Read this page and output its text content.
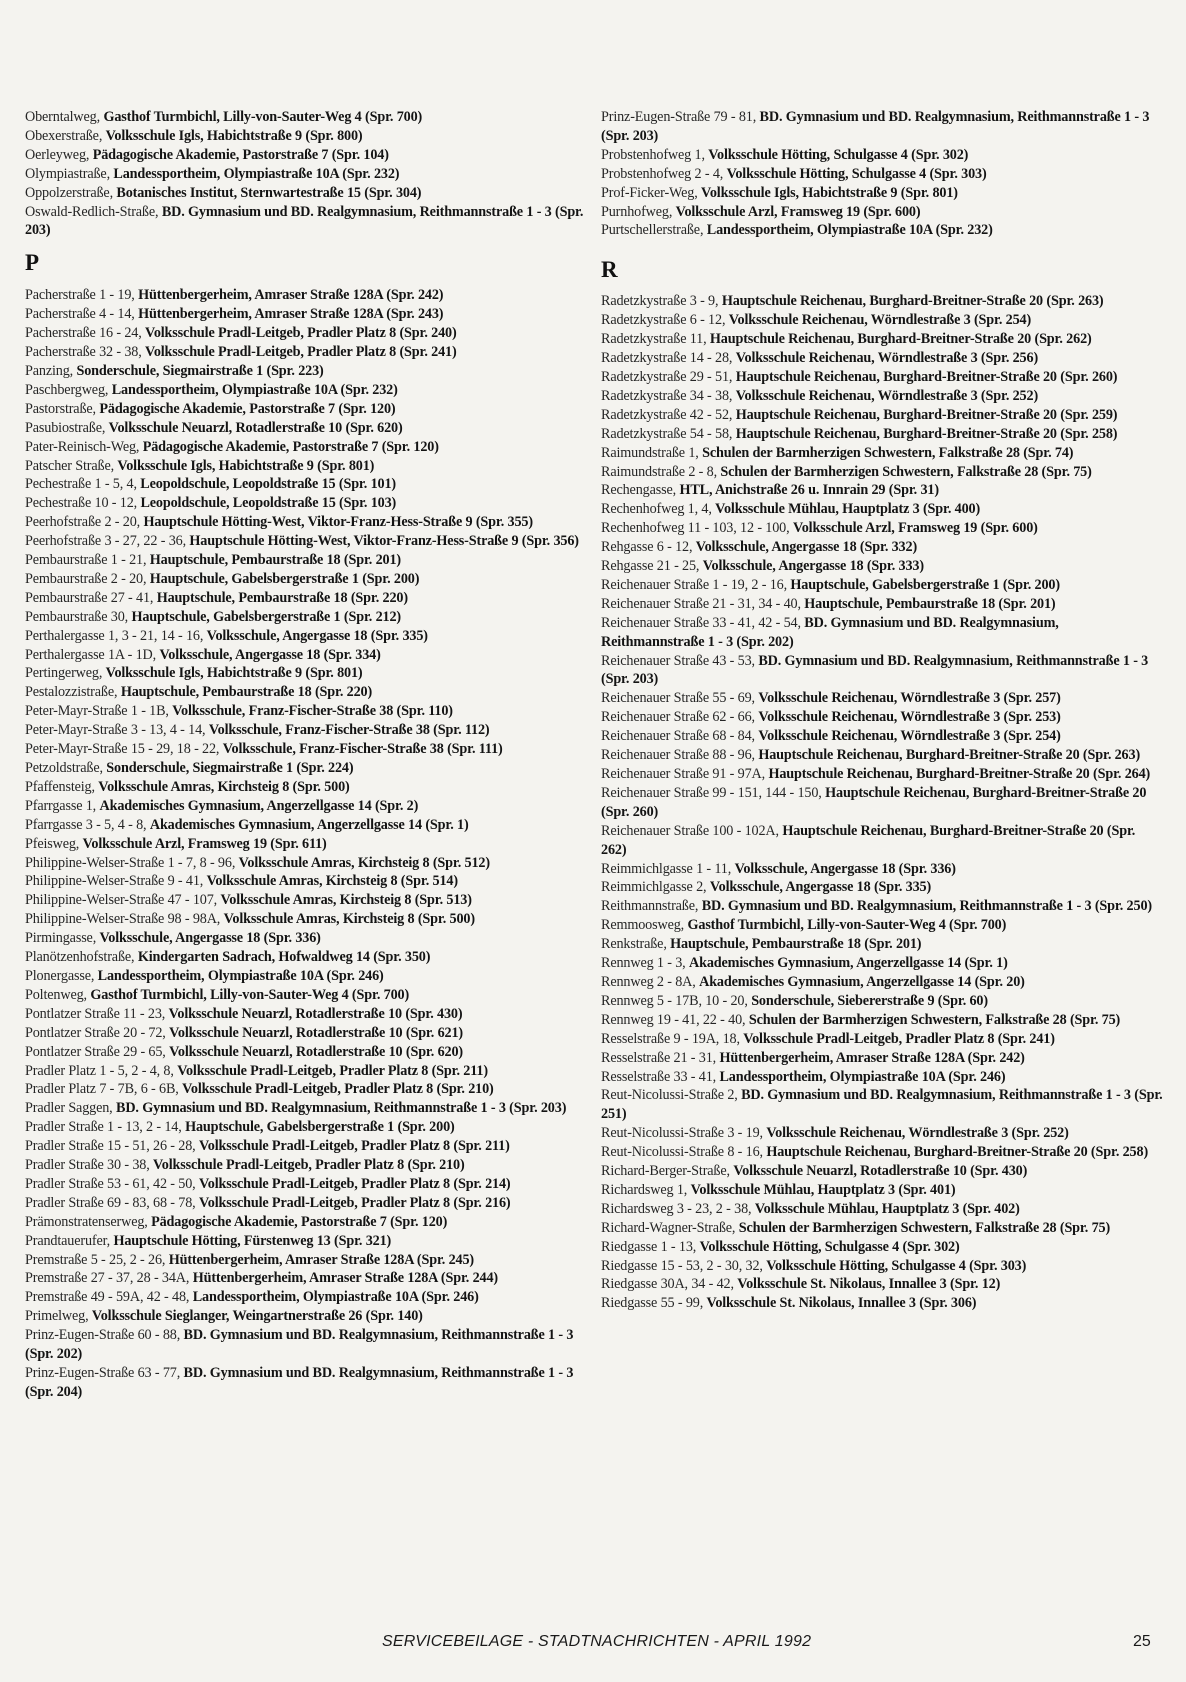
Oberntalweg, Gasthof Turmbichl, Lilly-von-Sauter-Weg 4 (Spr. 700)
Obexerstraße, Volksschule Igls, Habichtstraße 9 (Spr. 800)
Oerleyweg, Pädagogische Akademie, Pastorstraße 7 (Spr. 104)
Olympiastraße, Landessportheim, Olympiastraße 10A (Spr. 232)
Oppolzerstraße, Botanisches Institut, Sternwartestraße 15 (Spr. 304)
Oswald-Redlich-Straße, BD. Gymnasium und BD. Realgymnasium, Reithmannstraße 1 - 3 (Spr. 203)
P
Pacherstraße 1 - 19, Hüttenbergerheim, Amraser Straße 128A (Spr. 242)
Pacherstraße 4 - 14, Hüttenbergerheim, Amraser Straße 128A (Spr. 243)
Pacherstraße 16 - 24, Volksschule Pradl-Leitgeb, Pradler Platz 8 (Spr. 240)
Pacherstraße 32 - 38, Volksschule Pradl-Leitgeb, Pradler Platz 8 (Spr. 241)
Panzing, Sonderschule, Siegmairstraße 1 (Spr. 223)
Paschbergweg, Landessportheim, Olympiastraße 10A (Spr. 232)
Pastorstraße, Pädagogische Akademie, Pastorstraße 7 (Spr. 120)
Pasubiostraße, Volksschule Neuarzl, Rotadlerstraße 10 (Spr. 620)
Pater-Reinisch-Weg, Pädagogische Akademie, Pastorstraße 7 (Spr. 120)
Patscher Straße, Volksschule Igls, Habichtstraße 9 (Spr. 801)
Pechestraße 1 - 5, 4, Leopoldschule, Leopoldstraße 15 (Spr. 101)
Pechestraße 10 - 12, Leopoldschule, Leopoldstraße 15 (Spr. 103)
Peerhofstraße 2 - 20, Hauptschule Hötting-West, Viktor-Franz-Hess-Straße 9 (Spr. 355)
Peerhofstraße 3 - 27, 22 - 36, Hauptschule Hötting-West, Viktor-Franz-Hess-Straße 9 (Spr. 356)
Pembaurstraße 1 - 21, Hauptschule, Pembaurstraße 18 (Spr. 201)
Pembaurstraße 2 - 20, Hauptschule, Gabelsbergerstraße 1 (Spr. 200)
Pembaurstraße 27 - 41, Hauptschule, Pembaurstraße 18 (Spr. 220)
Pembaurstraße 30, Hauptschule, Gabelsbergerstraße 1 (Spr. 212)
Perthalergasse 1, 3 - 21, 14 - 16, Volksschule, Angergasse 18 (Spr. 335)
Perthalergasse 1A - 1D, Volksschule, Angergasse 18 (Spr. 334)
Pertingerweg, Volksschule Igls, Habichtstraße 9 (Spr. 801)
Pestalozzistraße, Hauptschule, Pembaurstraße 18 (Spr. 220)
Peter-Mayr-Straße 1 - 1B, Volksschule, Franz-Fischer-Straße 38 (Spr. 110)
Peter-Mayr-Straße 3 - 13, 4 - 14, Volksschule, Franz-Fischer-Straße 38 (Spr. 112)
Peter-Mayr-Straße 15 - 29, 18 - 22, Volksschule, Franz-Fischer-Straße 38 (Spr. 111)
Petzoldstraße, Sonderschule, Siegmairstraße 1 (Spr. 224)
Pfaffensteig, Volksschule Amras, Kirchsteig 8 (Spr. 500)
Pfarrgasse 1, Akademisches Gymnasium, Angerzellgasse 14 (Spr. 2)
Pfarrgasse 3 - 5, 4 - 8, Akademisches Gymnasium, Angerzellgasse 14 (Spr. 1)
Pfeisweg, Volksschule Arzl, Framsweg 19 (Spr. 611)
Philippine-Welser-Straße 1 - 7, 8 - 96, Volksschule Amras, Kirchsteig 8 (Spr. 512)
Philippine-Welser-Straße 9 - 41, Volksschule Amras, Kirchsteig 8 (Spr. 514)
Philippine-Welser-Straße 47 - 107, Volksschule Amras, Kirchsteig 8 (Spr. 513)
Philippine-Welser-Straße 98 - 98A, Volksschule Amras, Kirchsteig 8 (Spr. 500)
Pirmingasse, Volksschule, Angergasse 18 (Spr. 336)
Planötzenhofstraße, Kindergarten Sadrach, Hofwaldweg 14 (Spr. 350)
Plonergasse, Landessportheim, Olympiastraße 10A (Spr. 246)
Poltenweg, Gasthof Turmbichl, Lilly-von-Sauter-Weg 4 (Spr. 700)
Pontlatzer Straße 11 - 23, Volksschule Neuarzl, Rotadlerstraße 10 (Spr. 430)
Pontlatzer Straße 20 - 72, Volksschule Neuarzl, Rotadlerstraße 10 (Spr. 621)
Pontlatzer Straße 29 - 65, Volksschule Neuarzl, Rotadlerstraße 10 (Spr. 620)
Pradler Platz 1 - 5, 2 - 4, 8, Volksschule Pradl-Leitgeb, Pradler Platz 8 (Spr. 211)
Pradler Platz 7 - 7B, 6 - 6B, Volksschule Pradl-Leitgeb, Pradler Platz 8 (Spr. 210)
Pradler Saggen, BD. Gymnasium und BD. Realgymnasium, Reithmannstraße 1 - 3 (Spr. 203)
Pradler Straße 1 - 13, 2 - 14, Hauptschule, Gabelsbergerstraße 1 (Spr. 200)
Pradler Straße 15 - 51, 26 - 28, Volksschule Pradl-Leitgeb, Pradler Platz 8 (Spr. 211)
Pradler Straße 30 - 38, Volksschule Pradl-Leitgeb, Pradler Platz 8 (Spr. 210)
Pradler Straße 53 - 61, 42 - 50, Volksschule Pradl-Leitgeb, Pradler Platz 8 (Spr. 214)
Pradler Straße 69 - 83, 68 - 78, Volksschule Pradl-Leitgeb, Pradler Platz 8 (Spr. 216)
Prämonstratenserweg, Pädagogische Akademie, Pastorstraße 7 (Spr. 120)
Prandtauerufer, Hauptschule Hötting, Fürstenweg 13 (Spr. 321)
Premstraße 5 - 25, 2 - 26, Hüttenbergerheim, Amraser Straße 128A (Spr. 245)
Premstraße 27 - 37, 28 - 34A, Hüttenbergerheim, Amraser Straße 128A (Spr. 244)
Premstraße 49 - 59A, 42 - 48, Landessportheim, Olympiastraße 10A (Spr. 246)
Primelweg, Volksschule Sieglanger, Weingartnerstraße 26 (Spr. 140)
Prinz-Eugen-Straße 60 - 88, BD. Gymnasium und BD. Realgymnasium, Reithmannstraße 1 - 3 (Spr. 202)
Prinz-Eugen-Straße 63 - 77, BD. Gymnasium und BD. Realgymnasium, Reithmannstraße 1 - 3 (Spr. 204)
Prinz-Eugen-Straße 79 - 81, BD. Gymnasium und BD. Realgymnasium, Reithmannstraße 1 - 3 (Spr. 203)
Probstenhofweg 1, Volksschule Hötting, Schulgasse 4 (Spr. 302)
Probstenhofweg 2 - 4, Volksschule Hötting, Schulgasse 4 (Spr. 303)
Prof-Ficker-Weg, Volksschule Igls, Habichtstraße 9 (Spr. 801)
Purnhofweg, Volksschule Arzl, Framsweg 19 (Spr. 600)
Purtschellerstraße, Landessportheim, Olympiastraße 10A (Spr. 232)
R
Radetzkystraße 3 - 9, Hauptschule Reichenau, Burghard-Breitner-Straße 20 (Spr. 263)
Radetzkystraße 6 - 12, Volksschule Reichenau, Wörndlestraße 3 (Spr. 254)
Radetzkystraße 11, Hauptschule Reichenau, Burghard-Breitner-Straße 20 (Spr. 262)
Radetzkystraße 14 - 28, Volksschule Reichenau, Wörndlestraße 3 (Spr. 256)
Radetzkystraße 29 - 51, Hauptschule Reichenau, Burghard-Breitner-Straße 20 (Spr. 260)
Radetzkystraße 34 - 38, Volksschule Reichenau, Wörndlestraße 3 (Spr. 252)
Radetzkystraße 42 - 52, Hauptschule Reichenau, Burghard-Breitner-Straße 20 (Spr. 259)
Radetzkystraße 54 - 58, Hauptschule Reichenau, Burghard-Breitner-Straße 20 (Spr. 258)
Raimundstraße 1, Schulen der Barmherzigen Schwestern, Falkstraße 28 (Spr. 74)
Raimundstraße 2 - 8, Schulen der Barmherzigen Schwestern, Falkstraße 28 (Spr. 75)
Rechengasse, HTL, Anichstraße 26 u. Innrain 29 (Spr. 31)
Rechenhofweg 1, 4, Volksschule Mühlau, Hauptplatz 3 (Spr. 400)
Rechenhofweg 11 - 103, 12 - 100, Volksschule Arzl, Framsweg 19 (Spr. 600)
Rehgasse 6 - 12, Volksschule, Angergasse 18 (Spr. 332)
Rehgasse 21 - 25, Volksschule, Angergasse 18 (Spr. 333)
Reichenauer Straße 1 - 19, 2 - 16, Hauptschule, Gabelsbergerstraße 1 (Spr. 200)
Reichenauer Straße 21 - 31, 34 - 40, Hauptschule, Pembaurstraße 18 (Spr. 201)
Reichenauer Straße 33 - 41, 42 - 54, BD. Gymnasium und BD. Realgymnasium, Reithmannstraße 1 - 3 (Spr. 202)
Reichenauer Straße 43 - 53, BD. Gymnasium und BD. Realgymnasium, Reithmannstraße 1 - 3 (Spr. 203)
Reichenauer Straße 55 - 69, Volksschule Reichenau, Wörndlestraße 3 (Spr. 257)
Reichenauer Straße 62 - 66, Volksschule Reichenau, Wörndlestraße 3 (Spr. 253)
Reichenauer Straße 68 - 84, Volksschule Reichenau, Wörndlestraße 3 (Spr. 254)
Reichenauer Straße 88 - 96, Hauptschule Reichenau, Burghard-Breitner-Straße 20 (Spr. 263)
Reichenauer Straße 91 - 97A, Hauptschule Reichenau, Burghard-Breitner-Straße 20 (Spr. 264)
Reichenauer Straße 99 - 151, 144 - 150, Hauptschule Reichenau, Burghard-Breitner-Straße 20 (Spr. 260)
Reichenauer Straße 100 - 102A, Hauptschule Reichenau, Burghard-Breitner-Straße 20 (Spr. 262)
Reimmichlgasse 1 - 11, Volksschule, Angergasse 18 (Spr. 336)
Reimmichlgasse 2, Volksschule, Angergasse 18 (Spr. 335)
Reithmannstraße, BD. Gymnasium und BD. Realgymnasium, Reithmannstraße 1 - 3 (Spr. 250)
Remmoosweg, Gasthof Turmbichl, Lilly-von-Sauter-Weg 4 (Spr. 700)
Renkstraße, Hauptschule, Pembaurstraße 18 (Spr. 201)
Rennweg 1 - 3, Akademisches Gymnasium, Angerzellgasse 14 (Spr. 1)
Rennweg 2 - 8A, Akademisches Gymnasium, Angerzellgasse 14 (Spr. 20)
Rennweg 5 - 17B, 10 - 20, Sonderschule, Siebererstraße 9 (Spr. 60)
Rennweg 19 - 41, 22 - 40, Schulen der Barmherzigen Schwestern, Falkstraße 28 (Spr. 75)
Resselstraße 9 - 19A, 18, Volksschule Pradl-Leitgeb, Pradler Platz 8 (Spr. 241)
Resselstraße 21 - 31, Hüttenbergerheim, Amraser Straße 128A (Spr. 242)
Resselstraße 33 - 41, Landessportheim, Olympiastraße 10A (Spr. 246)
Reut-Nicolussi-Straße 2, BD. Gymnasium und BD. Realgymnasium, Reithmannstraße 1 - 3 (Spr. 251)
Reut-Nicolussi-Straße 3 - 19, Volksschule Reichenau, Wörndlestraße 3 (Spr. 252)
Reut-Nicolussi-Straße 8 - 16, Hauptschule Reichenau, Burghard-Breitner-Straße 20 (Spr. 258)
Richard-Berger-Straße, Volksschule Neuarzl, Rotadlerstraße 10 (Spr. 430)
Richardsweg 1, Volksschule Mühlau, Hauptplatz 3 (Spr. 401)
Richardsweg 3 - 23, 2 - 38, Volksschule Mühlau, Hauptplatz 3 (Spr. 402)
Richard-Wagner-Straße, Schulen der Barmherzigen Schwestern, Falkstraße 28 (Spr. 75)
Riedgasse 1 - 13, Volksschule Hötting, Schulgasse 4 (Spr. 302)
Riedgasse 15 - 53, 2 - 30, 32, Volksschule Hötting, Schulgasse 4 (Spr. 303)
Riedgasse 30A, 34 - 42, Volksschule St. Nikolaus, Innallee 3 (Spr. 12)
Riedgasse 55 - 99, Volksschule St. Nikolaus, Innallee 3 (Spr. 306)
SERVICEBEILAGE - STADTNACHRICHTEN - APRIL 1992	25
